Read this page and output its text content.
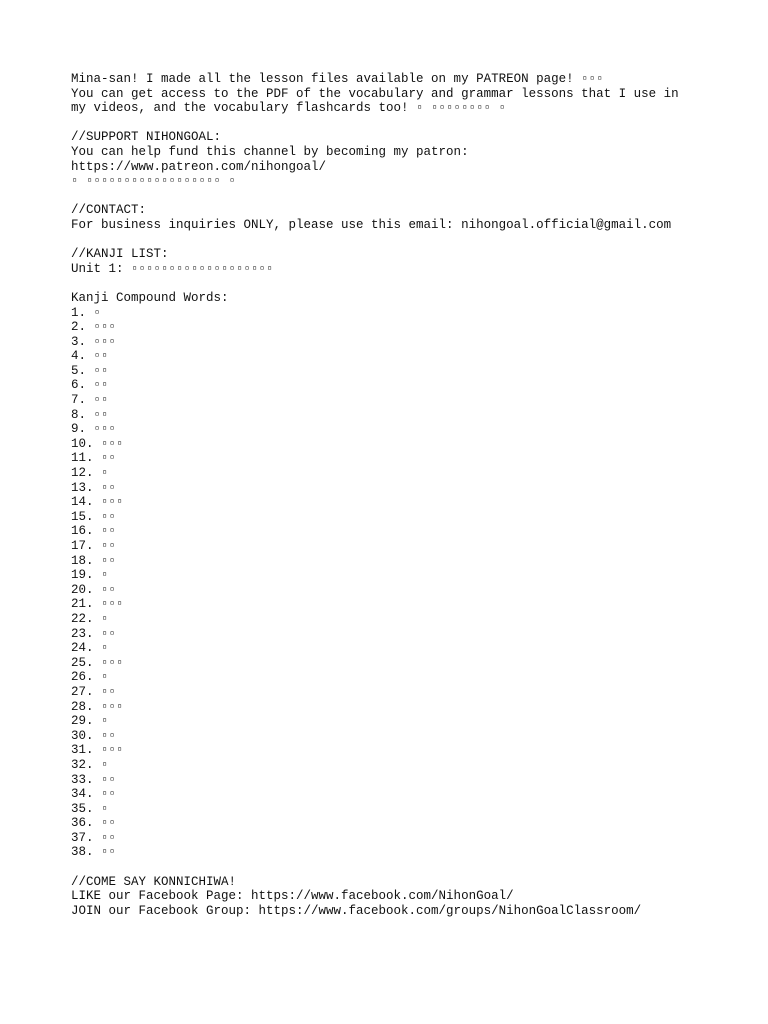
Mina-san! I made all the lesson files available on my PATREON page! ▫▫▫
You can get access to the PDF of the vocabulary and grammar lessons that I use in
my videos, and the vocabulary flashcards too! ▫ ▫▫▫▫▫▫▫▫ ▫
//SUPPORT NIHONGOAL:
You can help fund this channel by becoming my patron:
https://www.patreon.com/nihongoal/
▫ ▫▫▫▫▫▫▫▫▫▫▫▫▫▫▫▫▫▫ ▫
//CONTACT:
For business inquiries ONLY, please use this email: nihongoal.official@gmail.com
//KANJI LIST:
Unit 1: ▫▫▫▫▫▫▫▫▫▫▫▫▫▫▫▫▫▫▫
Kanji Compound Words:
1. ▫
2. ▫▫▫
3. ▫▫▫
4. ▫▫
5. ▫▫
6. ▫▫
7. ▫▫
8. ▫▫
9. ▫▫▫
10. ▫▫▫
11. ▫▫
12. ▫
13. ▫▫
14. ▫▫▫
15. ▫▫
16. ▫▫
17. ▫▫
18. ▫▫
19. ▫
20. ▫▫
21. ▫▫▫
22. ▫
23. ▫▫
24. ▫
25. ▫▫▫
26. ▫
27. ▫▫
28. ▫▫▫
29. ▫
30. ▫▫
31. ▫▫▫
32. ▫
33. ▫▫
34. ▫▫
35. ▫
36. ▫▫
37. ▫▫
38. ▫▫
//COME SAY KONNICHIWA!
LIKE our Facebook Page: https://www.facebook.com/NihonGoal/
JOIN our Facebook Group: https://www.facebook.com/groups/NihonGoalClassroom/
